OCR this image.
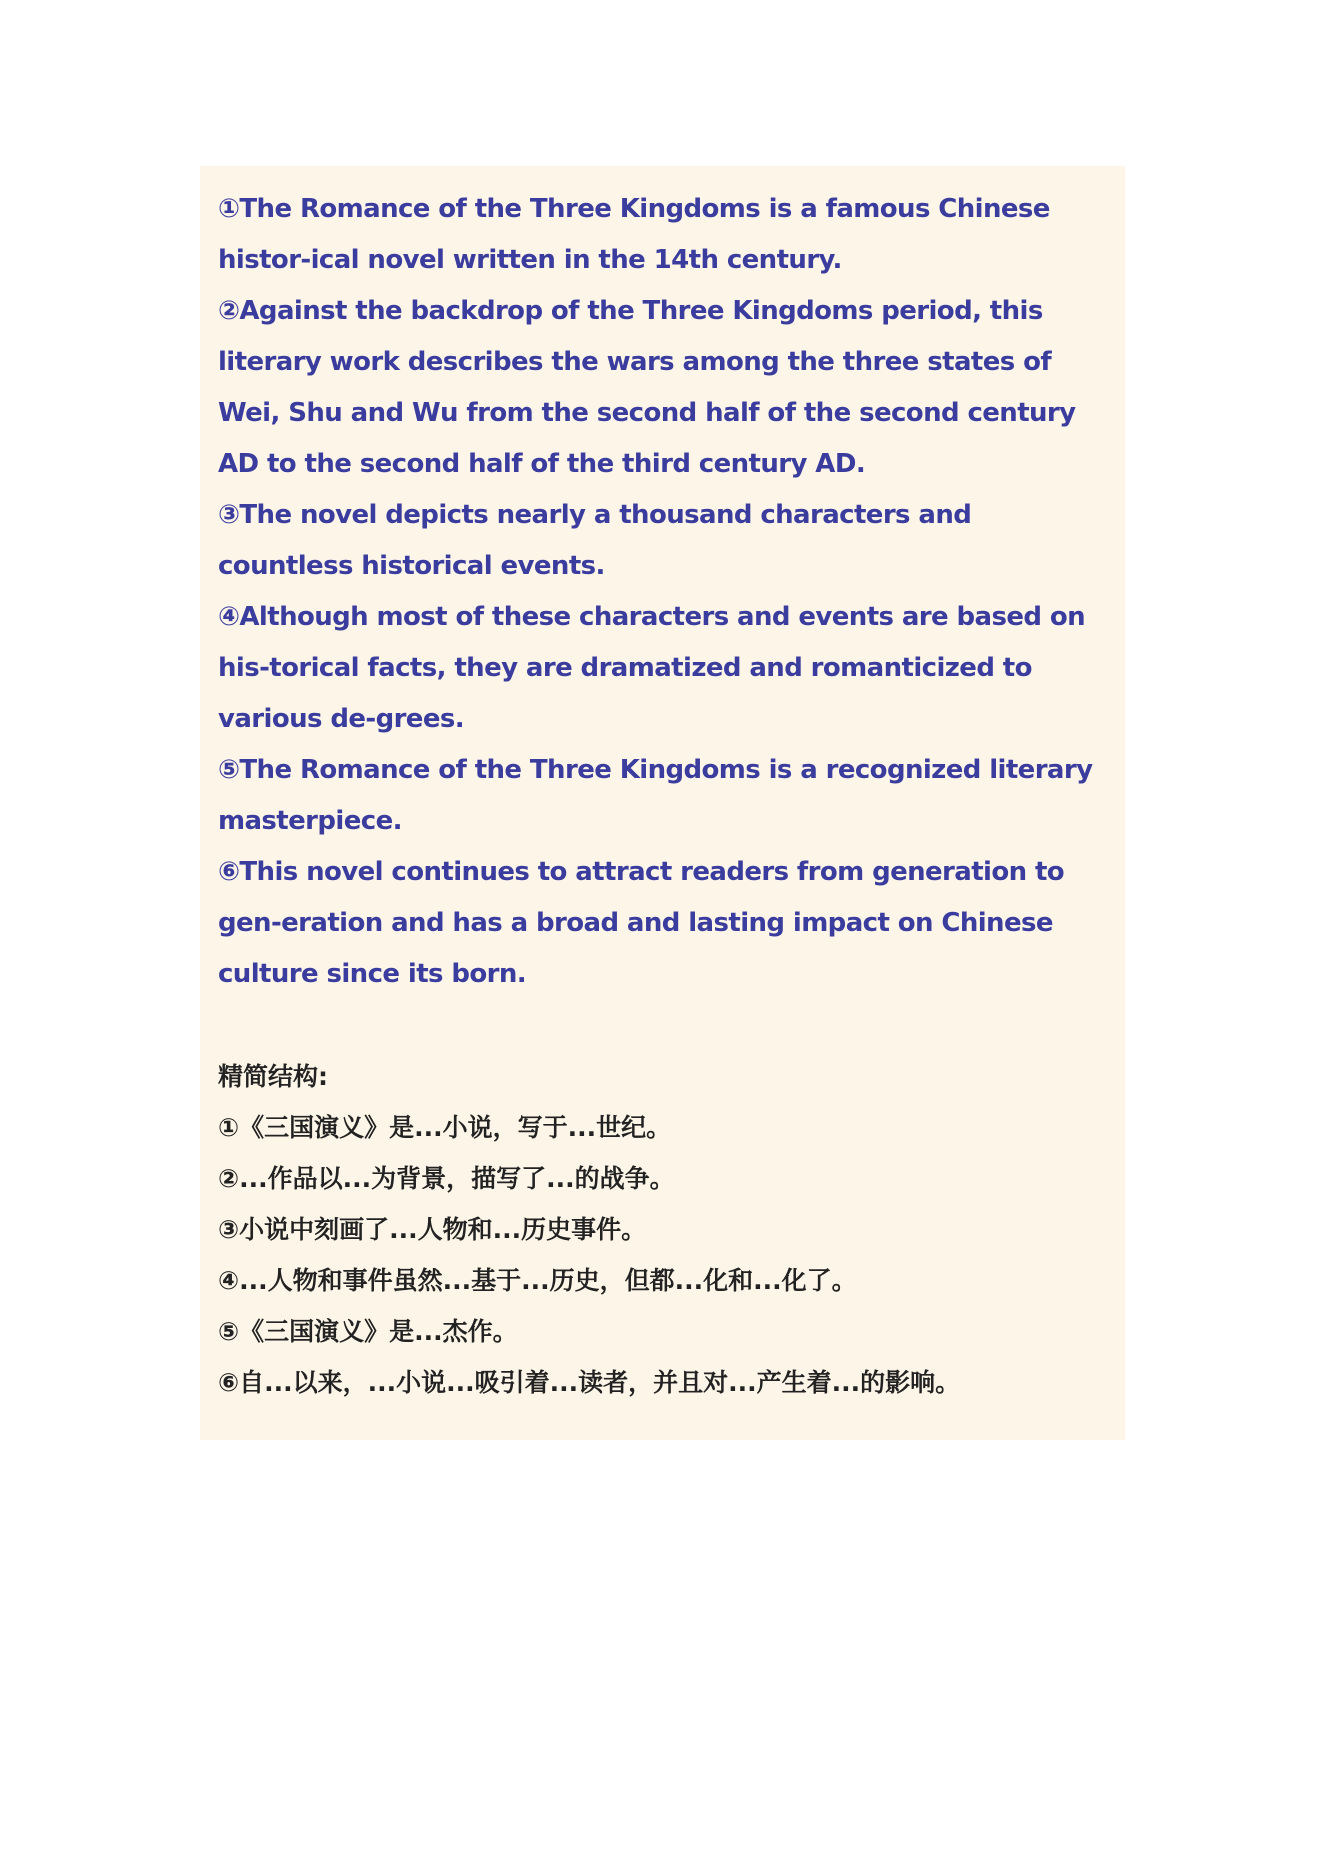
①The Romance of the Three Kingdoms is a famous Chinese histor-ical novel written in the 14th century.

②Against the backdrop of the Three Kingdoms period, this literary work describes the wars among the three states of Wei, Shu and Wu from the second half of the second century AD to the second half of the third century AD.

③The novel depicts nearly a thousand characters and countless historical events.

④Although most of these characters and events are based on his-torical facts, they are dramatized and romanticized to various de-grees.

⑤The Romance of the Three Kingdoms is a recognized literary masterpiece.

⑥This novel continues to attract readers from generation to gen-eration and has a broad and lasting impact on Chinese culture since its born.

精简结构:

①《三国演义》是...小说，写于...世纪。

②...作品以...为背景，描写了...的战争。

③小说中刻画了...人物和...历史事件。

④...人物和事件虽然...基于...历史，但都...化和...化了。

⑤《三国演义》是...杰作。

⑥自...以来，...小说...吸引着...读者，并且对...产生着...的影响。
